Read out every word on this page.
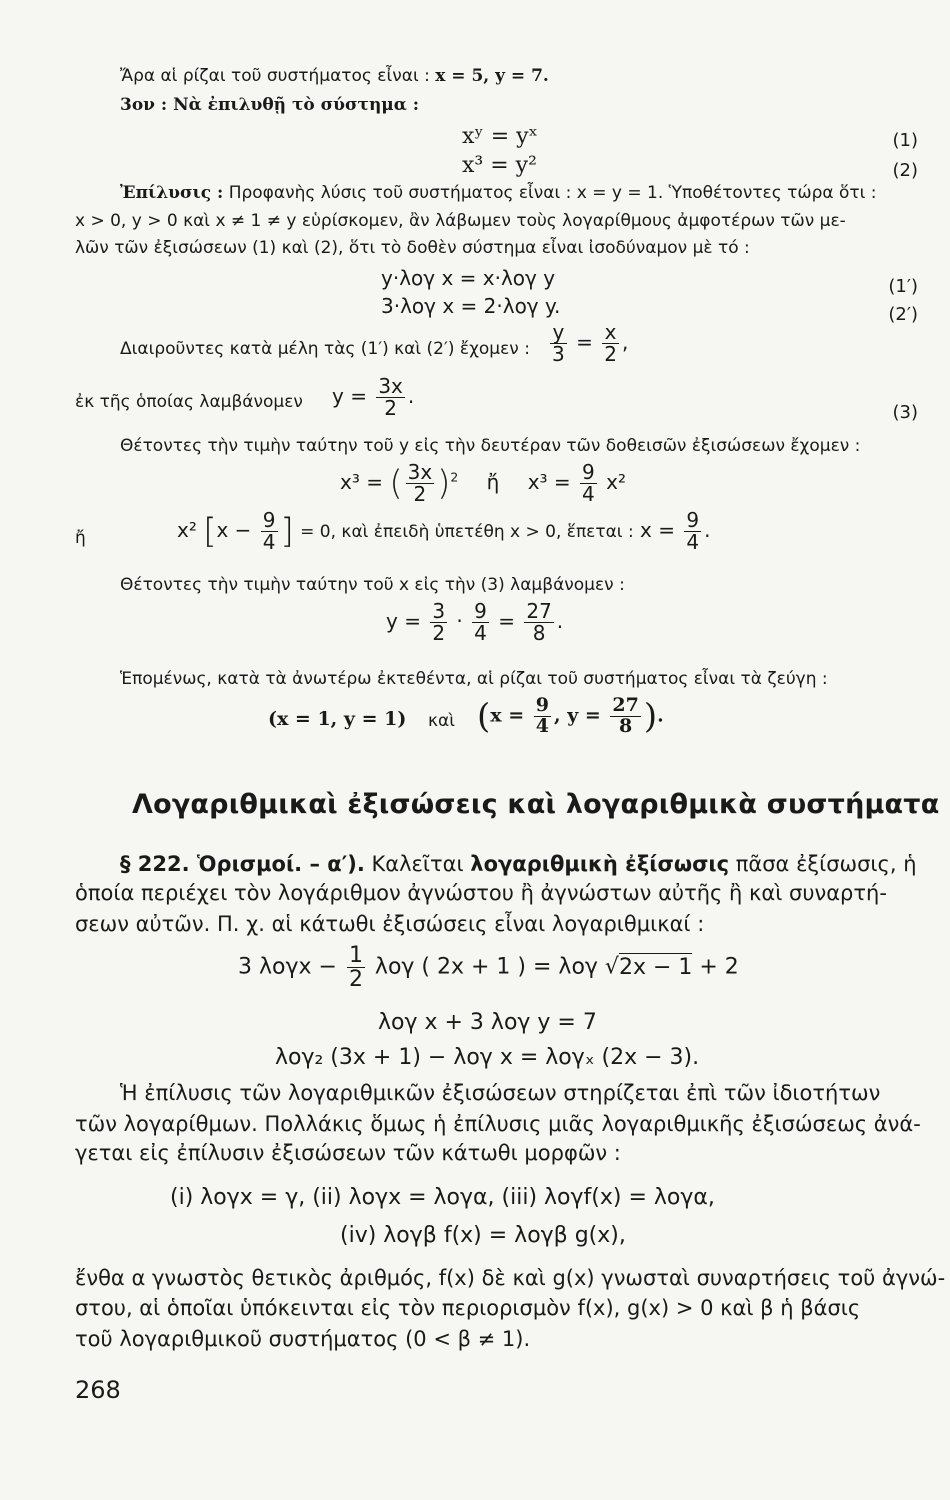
Ἄρα αἱ ρίζαι τοῦ συστήματος εἶναι : x = 5, y = 7.
3ον : Νὰ ἐπιλυθῇ τὸ σύστημα :
xʸ = yˣ	(1)
x³ = y²	(2)
Ἐπίλυσις : Προφανὴς λύσις τοῦ συστήματος εἶναι : x = y = 1. Ὑποθέτοντες τώρα ὅτι :
x > 0, y > 0 καὶ x ≠ 1 ≠ y εὑρίσκομεν, ἂν λάβωμεν τοὺς λογαρίθμους ἀμφοτέρων τῶν με-
λῶν τῶν ἐξισώσεων (1) καὶ (2), ὅτι τὸ δοθὲν σύστημα εἶναι ἰσοδύναμον μὲ τό :
y·λογ x = x·λογ y	(1′)
3·λογ x = 2·λογ y.	(2′)
Διαιροῦντες κατὰ μέλη τὰς (1′) καὶ (2′) ἔχομεν : $\frac{y}{3} = \frac{x}{2}$ ,
ἐκ τῆς ὁποίας λαμβάνομεν $y = \frac{3x}{2}$ .
(3)
Θέτοντες τὴν τιμὴν ταύτην τοῦ y εἰς τὴν δευτέραν τῶν δοθεισῶν ἐξισώσεων ἔχομεν :
x³ = ( $\frac{3x}{2} )^2$ ἤ $x^3 = \frac{9}{4} x^2$
ἤ	x² [$x - \frac{9}{4}$ ] = 0, καὶ ἐπειδὴ ὑπετέθη x > 0, ἕπεται : $x = \frac{9}{4}$ .
Θέτοντες τὴν τιμὴν ταύτην τοῦ x εἰς τὴν (3) λαμβάνομεν :
$y = \frac{3}{2} \cdot \frac{9}{4} = \frac{27}{8}$ .
Ἑπομένως, κατὰ τὰ ἀνωτέρω ἐκτεθέντα, αἱ ρίζαι τοῦ συστήματος εἶναι τὰ ζεύγη :
(x = 1, y = 1) καὶ ($x = \frac{9}{4}$ , $y = \frac{27}{8}$ ).
Λογαριθμικαὶ ἐξισώσεις καὶ λογαριθμικὰ συστήματα
§ 222. Ὁρισμοί. – α′). Καλεῖται λογαριθμικὴ ἐξίσωσις πᾶσα ἐξίσωσις, ἡ
ὁποία περιέχει τὸν λογάριθμον ἀγνώστου ἢ ἀγνώστων αὐτῆς ἢ καὶ συναρτή-
σεων αὐτῶν. Π. χ. αἱ κάτωθι ἐξισώσεις εἶναι λογαριθμικαί :
3 $\lambda o\gamma x - \frac{1}{2}$ λογ ( 2x + 1 ) = λογ √2x − 1 + 2
λογ x + 3 λογ y = 7
λογ₂ (3x + 1) − λογ x = λογₓ (2x − 3).
Ἡ ἐπίλυσις τῶν λογαριθμικῶν ἐξισώσεων στηρίζεται ἐπὶ τῶν ἰδιοτήτων
τῶν λογαρίθμων. Πολλάκις ὅμως ἡ ἐπίλυσις μιᾶς λογαριθμικῆς ἐξισώσεως ἀνά-
γεται εἰς ἐπίλυσιν ἐξισώσεων τῶν κάτωθι μορφῶν :
(i) λογx = γ, (ii) λογx = λογα, (iii) λογf(x) = λογα,
(iv) λογβ f(x) = λογβ g(x),
ἔνθα α γνωστὸς θετικὸς ἀριθμός, f(x) δὲ καὶ g(x) γνωσταὶ συναρτήσεις τοῦ ἀγνώ-
στου, αἱ ὁποῖαι ὑπόκεινται εἰς τὸν περιορισμὸν f(x), g(x) > 0 καὶ β ἡ βάσις
τοῦ λογαριθμικοῦ συστήματος (0 < β ≠ 1).
268
